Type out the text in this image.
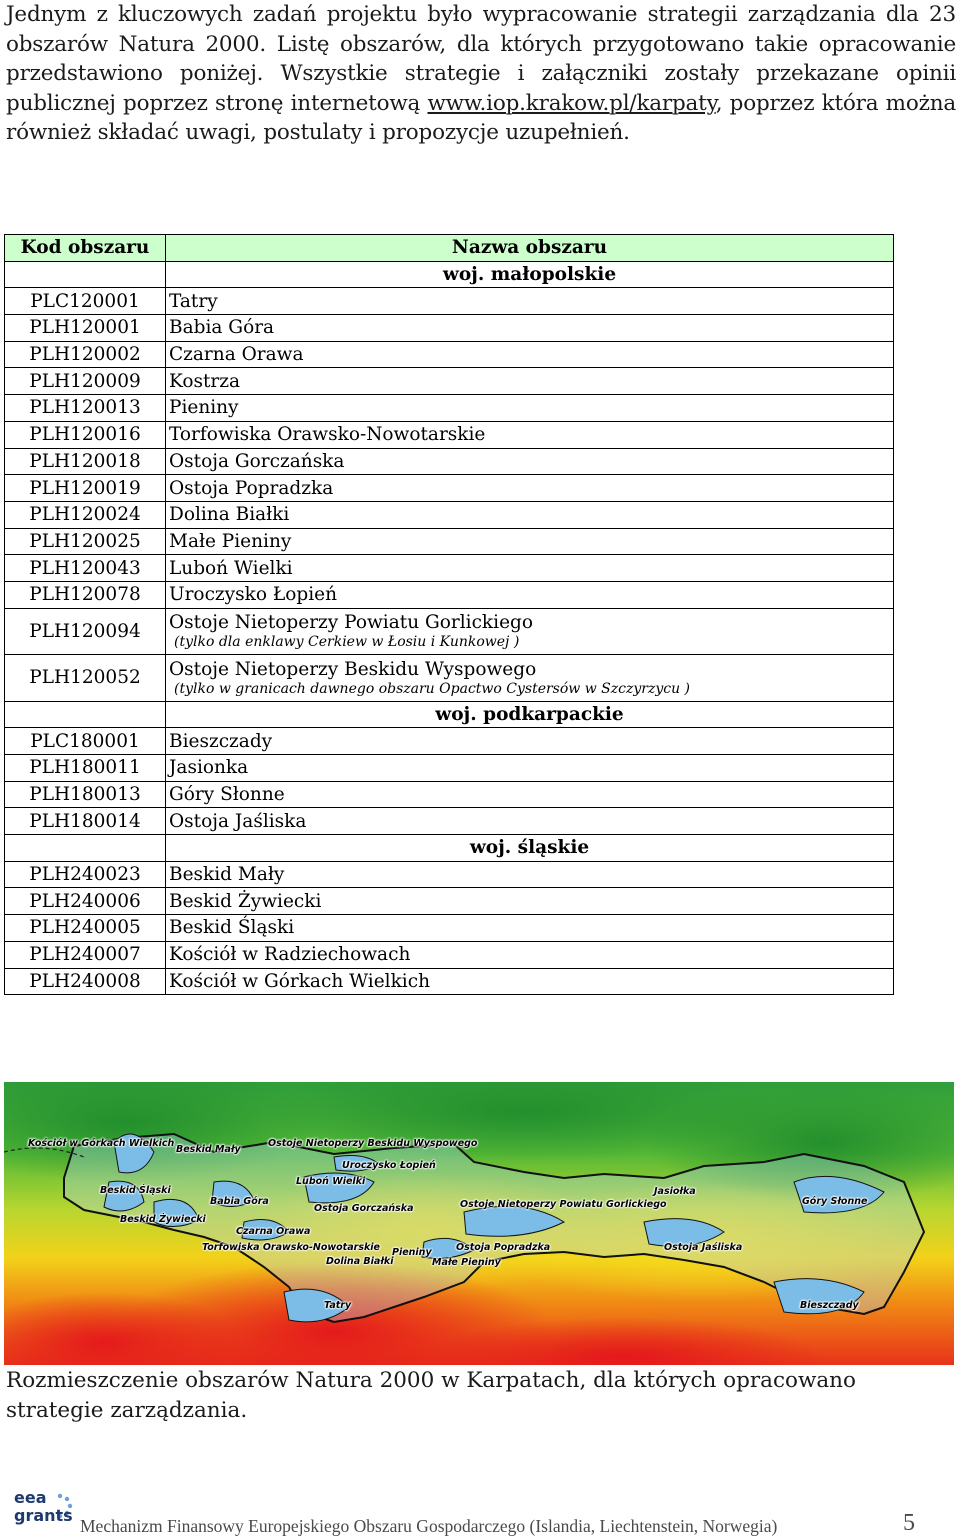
Jednym z kluczowych zadań projektu było wypracowanie strategii zarządzania dla 23 obszarów Natura 2000. Listę obszarów, dla których przygotowano takie opracowanie przedstawiono poniżej. Wszystkie strategie i załączniki zostały przekazane opinii publicznej poprzez stronę internetową www.iop.krakow.pl/karpaty, poprzez która można również składać uwagi, postulaty i propozycje uzupełnień.

Kod obszaru	Nazwa obszaru
	woj. małopolskie
PLC120001	Tatry
PLH120001	Babia Góra
PLH120002	Czarna Orawa
PLH120009	Kostrza
PLH120013	Pieniny
PLH120016	Torfowiska Orawsko-Nowotarskie
PLH120018	Ostoja Gorczańska
PLH120019	Ostoja Popradzka
PLH120024	Dolina Białki
PLH120025	Małe Pieniny
PLH120043	Luboń Wielki
PLH120078	Uroczysko Łopień
PLH120094	Ostoje Nietoperzy Powiatu Gorlickiego
(tylko dla enklawy Cerkiew w Łosiu i Kunkowej )

PLH120052	Ostoje Nietoperzy Beskidu Wyspowego
(tylko w granicach dawnego obszaru Opactwo Cystersów w Szczyrzycu )

	woj. podkarpackie
PLC180001	Bieszczady
PLH180011	Jasionka
PLH180013	Góry Słonne
PLH180014	Ostoja Jaśliska
	woj. śląskie
PLH240023	Beskid Mały
PLH240006	Beskid Żywiecki
PLH240005	Beskid Śląski
PLH240007	Kościół w Radziechowach
PLH240008	Kościół w Górkach Wielkich
Kościół w Górkach Wielkich
Beskid Mały
Ostoje Nietoperzy Beskidu Wyspowego
Uroczysko Łopień
Luboń Wielki
Beskid Śląski
Babia Góra
Ostoja Gorczańska
Beskid Żywiecki
Czarna Orawa
Torfowiska Orawsko-Nowotarskie Pieniny
Dolina Białki
Ostoja Popradzka
Małe Pieniny
Ostoje Nietoperzy Powiatu Gorlickiego
Jasiołka
Ostoja Jaśliska
Góry Słonne
Tatry	Bieszczady

Rozmieszczenie obszarów Natura 2000 w Karpatach, dla których opracowano strategie zarządzania.

eea
grants
Mechanizm Finansowy Europejskiego Obszaru Gospodarczego (Islandia, Liechtenstein, Norwegia)	5
